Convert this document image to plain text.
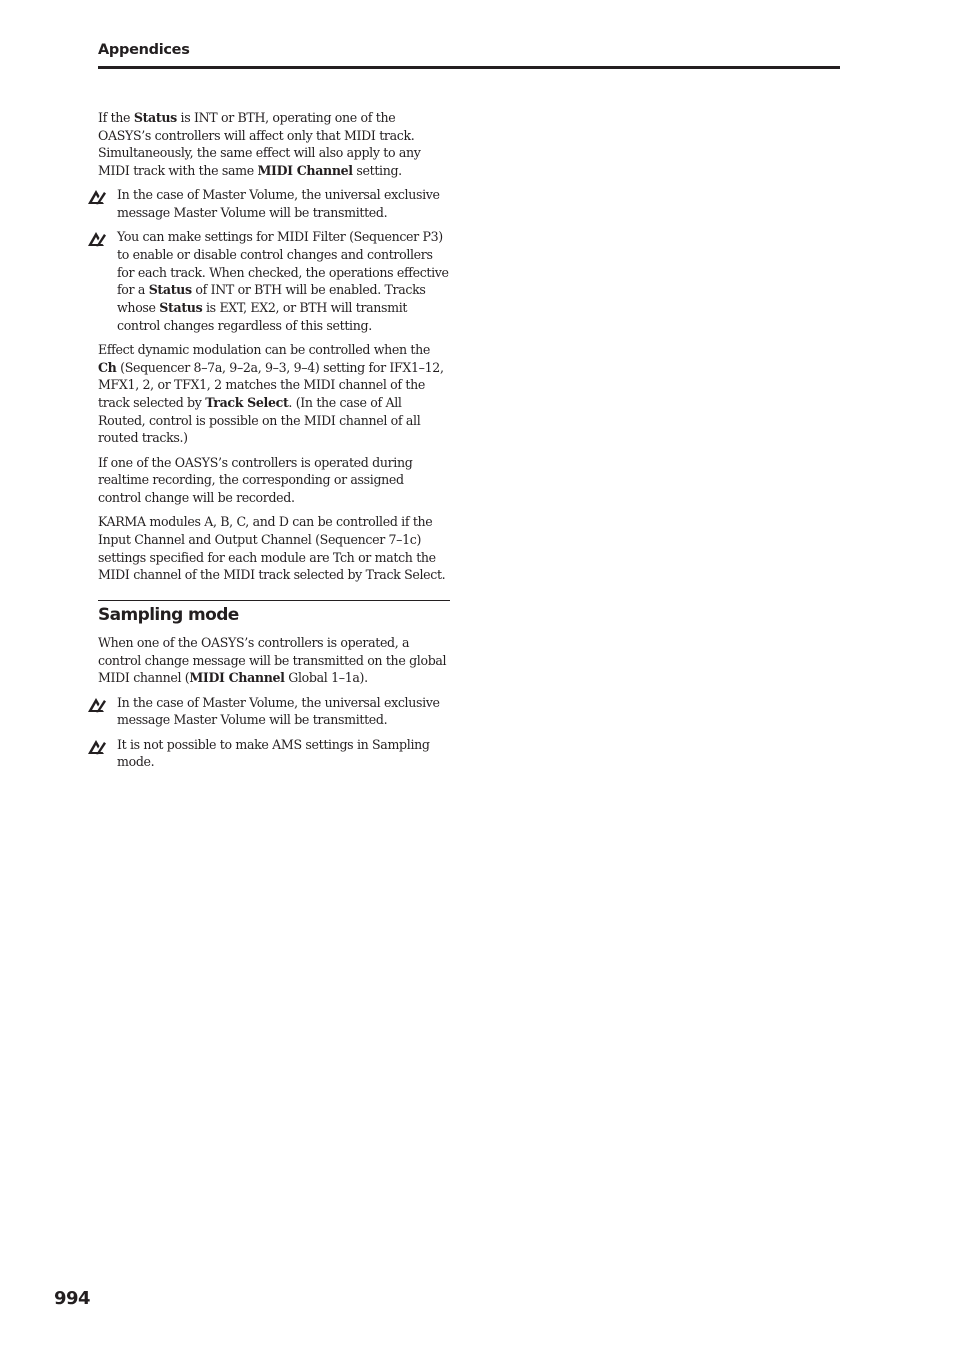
Appendices

If the Status is INT or BTH, operating one of the OASYS’s controllers will affect only that MIDI track. Simultaneously, the same effect will also apply to any MIDI track with the same MIDI Channel setting.

In the case of Master Volume, the universal exclusive message Master Volume will be transmitted.
You can make settings for MIDI Filter (Sequencer P3) to enable or disable control changes and controllers for each track. When checked, the operations effective for a Status of INT or BTH will be enabled. Tracks whose Status is EXT, EX2, or BTH will transmit control changes regardless of this setting.

Effect dynamic modulation can be controlled when the Ch (Sequencer 8–7a, 9–2a, 9–3, 9–4) setting for IFX1–12, MFX1, 2, or TFX1, 2 matches the MIDI channel of the track selected by Track Select. (In the case of All Routed, control is possible on the MIDI channel of all routed tracks.)

If one of the OASYS’s controllers is operated during realtime recording, the corresponding or assigned control change will be recorded.

KARMA modules A, B, C, and D can be controlled if the Input Channel and Output Channel (Sequencer 7–1c) settings specified for each module are Tch or match the MIDI channel of the MIDI track selected by Track Select.

Sampling mode

When one of the OASYS’s controllers is operated, a control change message will be transmitted on the global MIDI channel (MIDI Channel Global 1–1a).

In the case of Master Volume, the universal exclusive message Master Volume will be transmitted.
It is not possible to make AMS settings in Sampling mode.
994
